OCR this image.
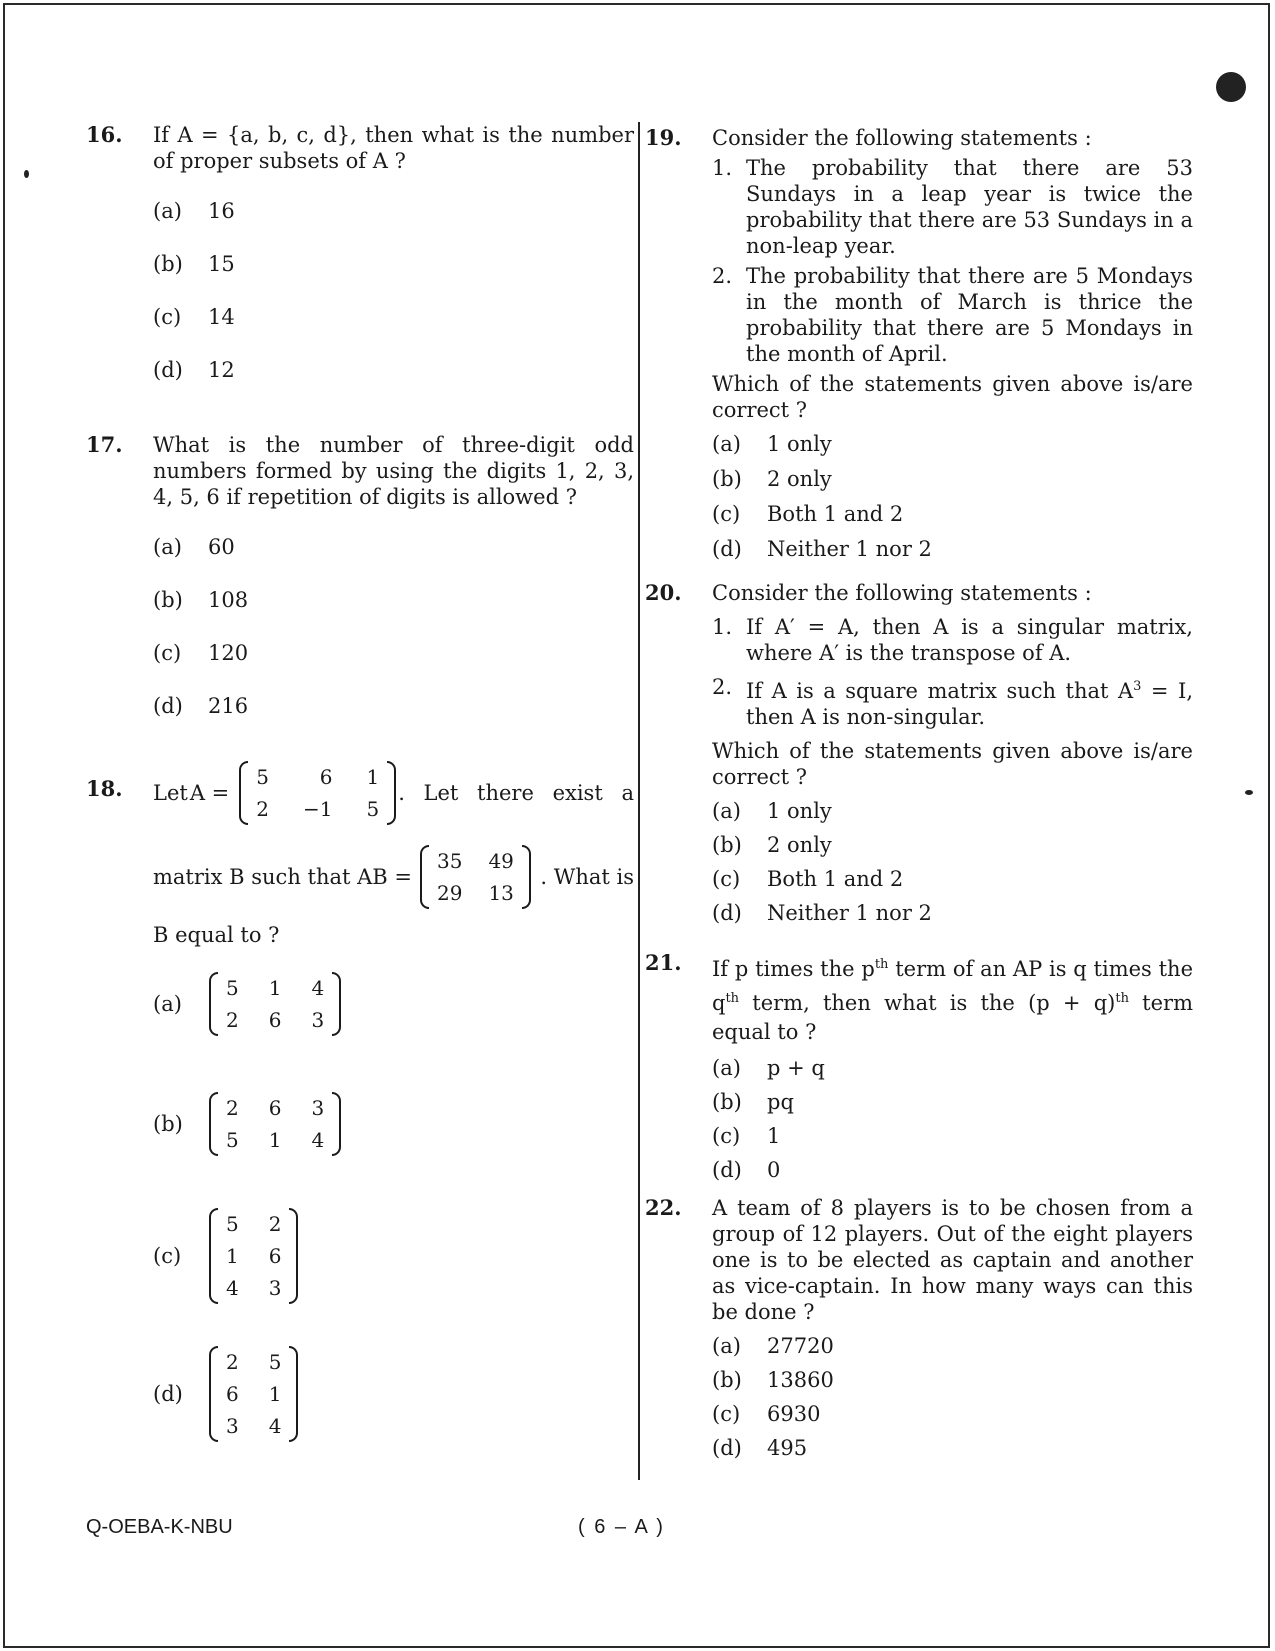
16. If A = {a, b, c, d}, then what is the number of proper subsets of A ?
(a) 16
(b) 15
(c) 14
(d) 12
17. What is the number of three-digit odd numbers formed by using the digits 1, 2, 3, 4, 5, 6 if repetition of digits is allowed ?
(a) 60
(b) 108
(c) 120
(d) 216
18. Let A =
5	6	1
2	−1	5
. Let there exist a
matrix B such that AB =
35	49
29	13
. What is
B equal to ?
(a)
5	1	4
2	6	3
(b)
2	6	3
5	1	4
(c)
5	2
1	6
4	3
(d)
2	5
6	1
3	4
19. Consider the following statements :
1. The probability that there are 53 Sundays in a leap year is twice the probability that there are 53 Sundays in a non-leap year.
2. The probability that there are 5 Mondays in the month of March is thrice the probability that there are 5 Mondays in the month of April.
Which of the statements given above is/are correct ?
(a) 1 only
(b) 2 only
(c) Both 1 and 2
(d) Neither 1 nor 2
20. Consider the following statements :
1. If A′ = A, then A is a singular matrix, where A′ is the transpose of A.
2. If A is a square matrix such that $A^3 = I$, then A is non-singular.
Which of the statements given above is/are correct ?
(a) 1 only
(b) 2 only
(c) Both 1 and 2
(d) Neither 1 nor 2
21. If p times the $p^{th}$ term of an AP is q times the $q^{th}$ term, then what is the $(p + q)^{th}$ term equal to ?
(a) p + q
(b) pq
(c) 1
(d) 0
22. A team of 8 players is to be chosen from a group of 12 players. Out of the eight players one is to be elected as captain and another as vice-captain. In how many ways can this be done ?
(a) 27720
(b) 13860
(c) 6930
(d) 495
Q-OEBA-K-NBU	( 6 – A )
